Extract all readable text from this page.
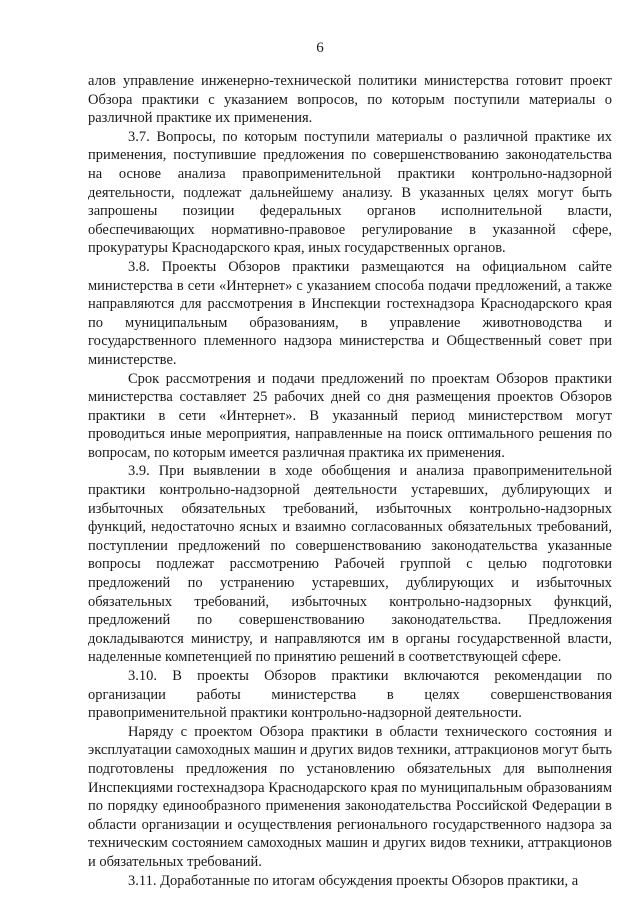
6

алов управление инженерно-технической политики министерства готовит проект Обзора практики с указанием вопросов, по которым поступили материалы о различной практике их применения.

3.7. Вопросы, по которым поступили материалы о различной практике их применения, поступившие предложения по совершенствованию законодательства на основе анализа правоприменительной практики контрольно-надзорной деятельности, подлежат дальнейшему анализу. В указанных целях могут быть запрошены позиции федеральных органов исполнительной власти, обеспечивающих нормативно-правовое регулирование в указанной сфере, прокуратуры Краснодарского края, иных государственных органов.

3.8. Проекты Обзоров практики размещаются на официальном сайте министерства в сети «Интернет» с указанием способа подачи предложений, а также направляются для рассмотрения в Инспекции гостехнадзора Краснодарского края по муниципальным образованиям, в управление животноводства и государственного племенного надзора министерства и Общественный совет при министерстве.

Срок рассмотрения и подачи предложений по проектам Обзоров практики министерства составляет 25 рабочих дней со дня размещения проектов Обзоров практики в сети «Интернет». В указанный период министерством могут проводиться иные мероприятия, направленные на поиск оптимального решения по вопросам, по которым имеется различная практика их применения.

3.9. При выявлении в ходе обобщения и анализа правоприменительной практики контрольно-надзорной деятельности устаревших, дублирующих и избыточных обязательных требований, избыточных контрольно-надзорных функций, недостаточно ясных и взаимно согласованных обязательных требований, поступлении предложений по совершенствованию законодательства указанные вопросы подлежат рассмотрению Рабочей группой с целью подготовки предложений по устранению устаревших, дублирующих и избыточных обязательных требований, избыточных контрольно-надзорных функций, предложений по совершенствованию законодательства. Предложения докладываются министру, и направляются им в органы государственной власти, наделенные компетенцией по принятию решений в соответствующей сфере.

3.10. В проекты Обзоров практики включаются рекомендации по организации работы министерства в целях совершенствования правоприменительной практики контрольно-надзорной деятельности.

Наряду с проектом Обзора практики в области технического состояния и эксплуатации самоходных машин и других видов техники, аттракционов могут быть подготовлены предложения по установлению обязательных для выполнения Инспекциями гостехнадзора Краснодарского края по муниципальным образованиям по порядку единообразного применения законодательства Российской Федерации в области организации и осуществления регионального государственного надзора за техническим состоянием самоходных машин и других видов техники, аттракционов и обязательных требований.

3.11. Доработанные по итогам обсуждения проекты Обзоров практики, а
